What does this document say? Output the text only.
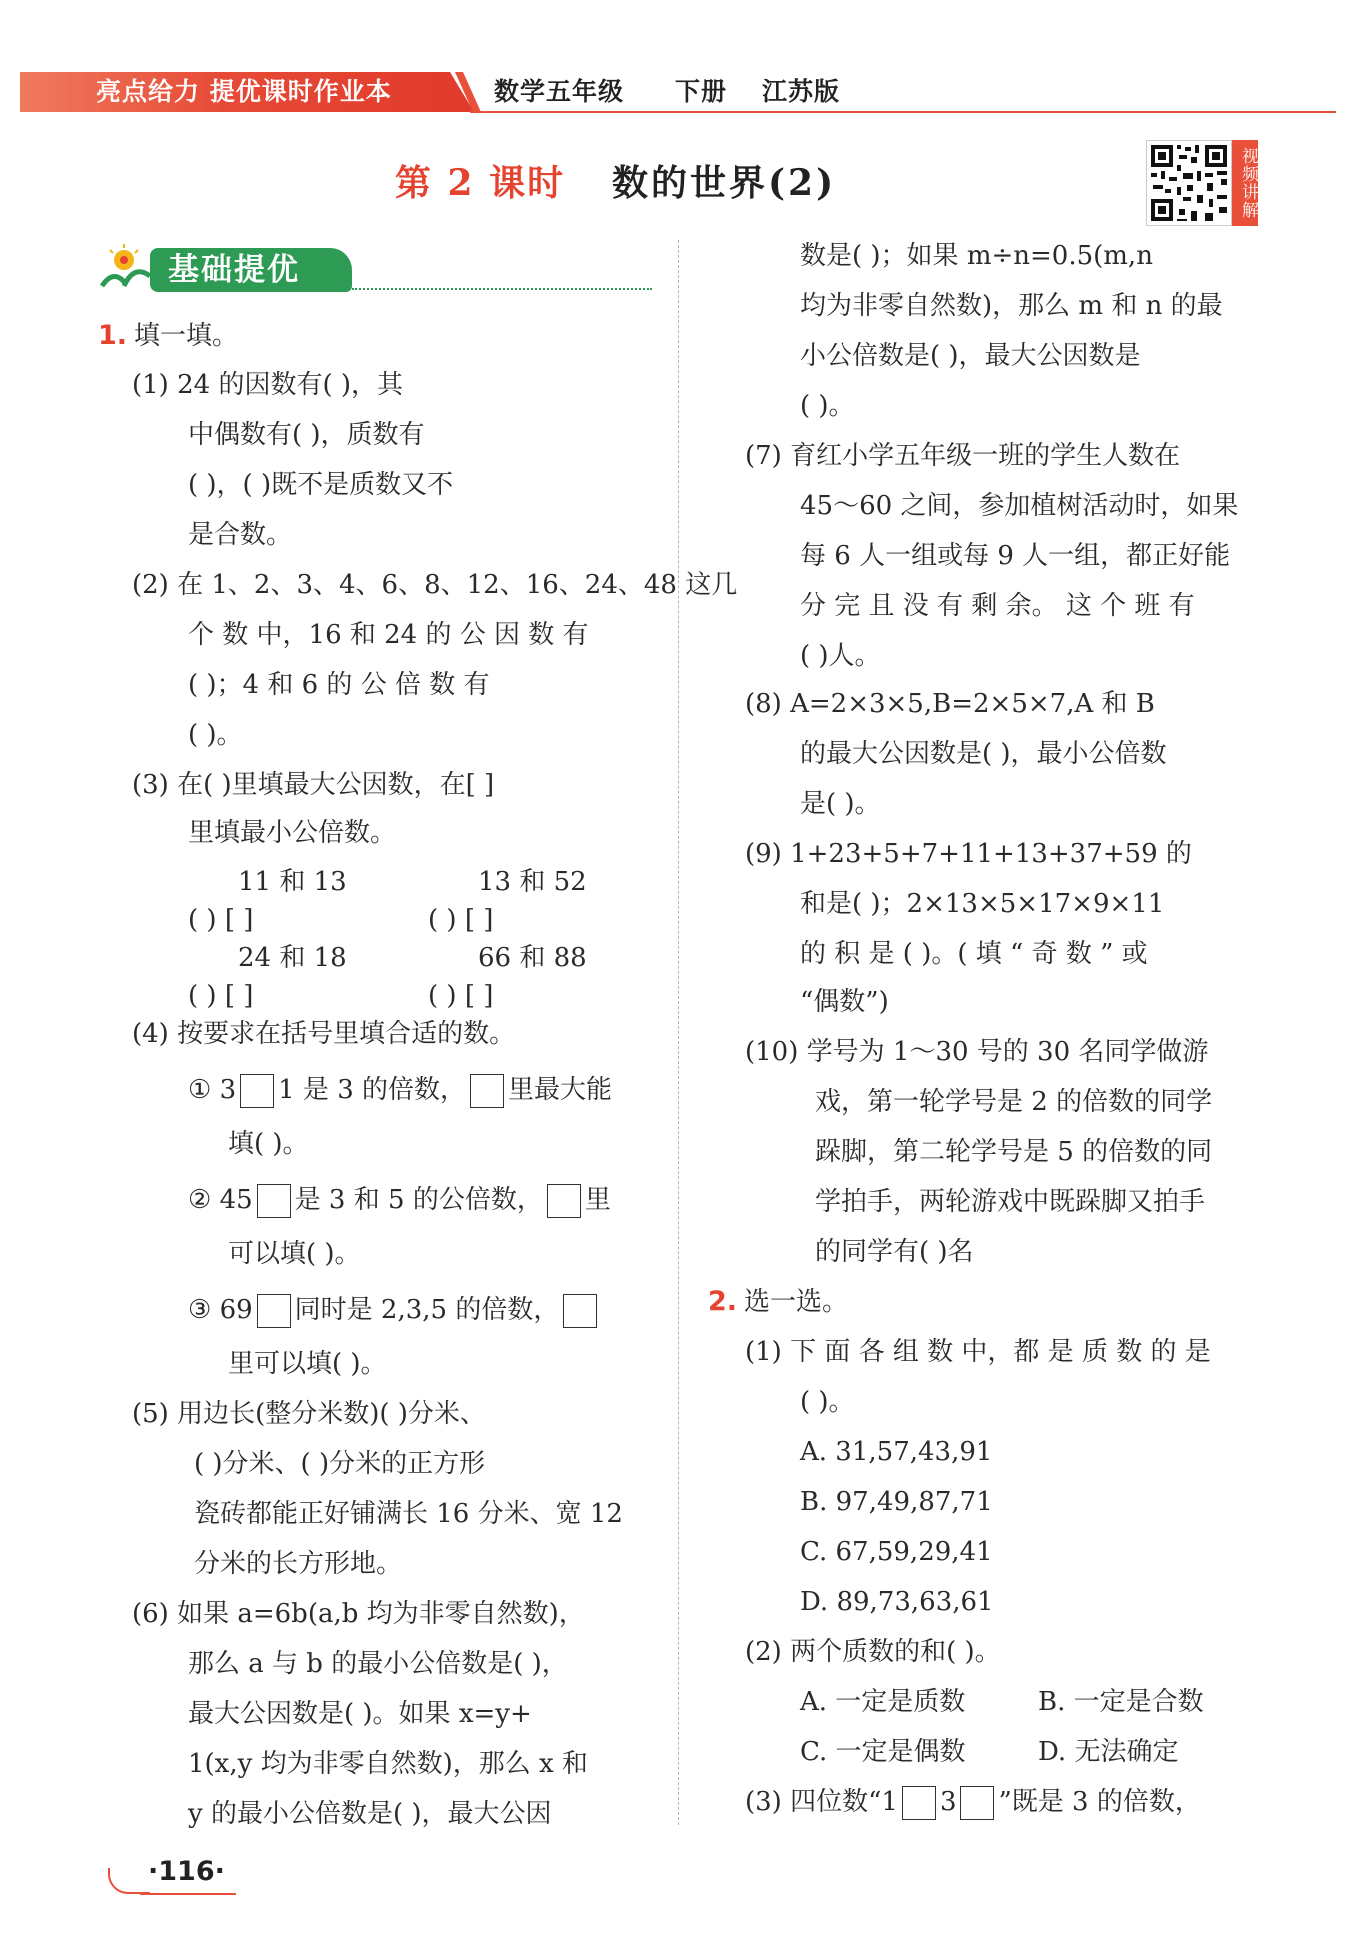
亮点给力 提优课时作业本	数学五年级 下册 江苏版
第 2 课时 数的世界(2)	视频讲解
基础提优
1. 填一填。
(1) 24 的因数有( )，其
中偶数有( )，质数有
( )，( )既不是质数又不
是合数。
(2) 在 1、2、3、4、6、8、12、16、24、48 这几
个 数 中，16 和 24 的 公 因 数 有
( )；4 和 6 的 公 倍 数 有
( )。
(3) 在( )里填最大公因数，在[ ]
里填最小公倍数。
11 和 13	13 和 52
( ) [ ]	( ) [ ]
24 和 18	66 和 88
( ) [ ]	( ) [ ]
(4) 按要求在括号里填合适的数。
① 3 1 是 3 的倍数， 里最大能
填( )。
② 45 是 3 和 5 的公倍数， 里
可以填( )。
③ 69 同时是 2,3,5 的倍数，
里可以填( )。
(5) 用边长(整分米数)( )分米、
( )分米、( )分米的正方形
瓷砖都能正好铺满长 16 分米、宽 12
分米的长方形地。
(6) 如果 a=6b(a,b 均为非零自然数)，
那么 a 与 b 的最小公倍数是( )，
最大公因数是( )。如果 x=y+
1(x,y 均为非零自然数)，那么 x 和
y 的最小公倍数是( )，最大公因
数是( )；如果 m÷n=0.5(m,n
均为非零自然数)，那么 m 和 n 的最
小公倍数是( )，最大公因数是
( )。
(7) 育红小学五年级一班的学生人数在
45～60 之间，参加植树活动时，如果
每 6 人一组或每 9 人一组，都正好能
分 完 且 没 有 剩 余。 这 个 班 有
( )人。
(8) A=2×3×5,B=2×5×7,A 和 B
的最大公因数是( )，最小公倍数
是( )。
(9) 1+23+5+7+11+13+37+59 的
和是( )；2×13×5×17×9×11
的 积 是 ( )。( 填 “ 奇 数 ” 或
“偶数”)
(10) 学号为 1～30 号的 30 名同学做游
戏，第一轮学号是 2 的倍数的同学
跺脚，第二轮学号是 5 的倍数的同
学拍手，两轮游戏中既跺脚又拍手
的同学有( )名
2. 选一选。
(1) 下 面 各 组 数 中，都 是 质 数 的 是
( )。
A. 31,57,43,91
B. 97,49,87,71
C. 67,59,29,41
D. 89,73,63,61
(2) 两个质数的和( )。
A. 一定是质数	B. 一定是合数
C. 一定是偶数	D. 无法确定
(3) 四位数“1 3 ”既是 3 的倍数，
·116·
